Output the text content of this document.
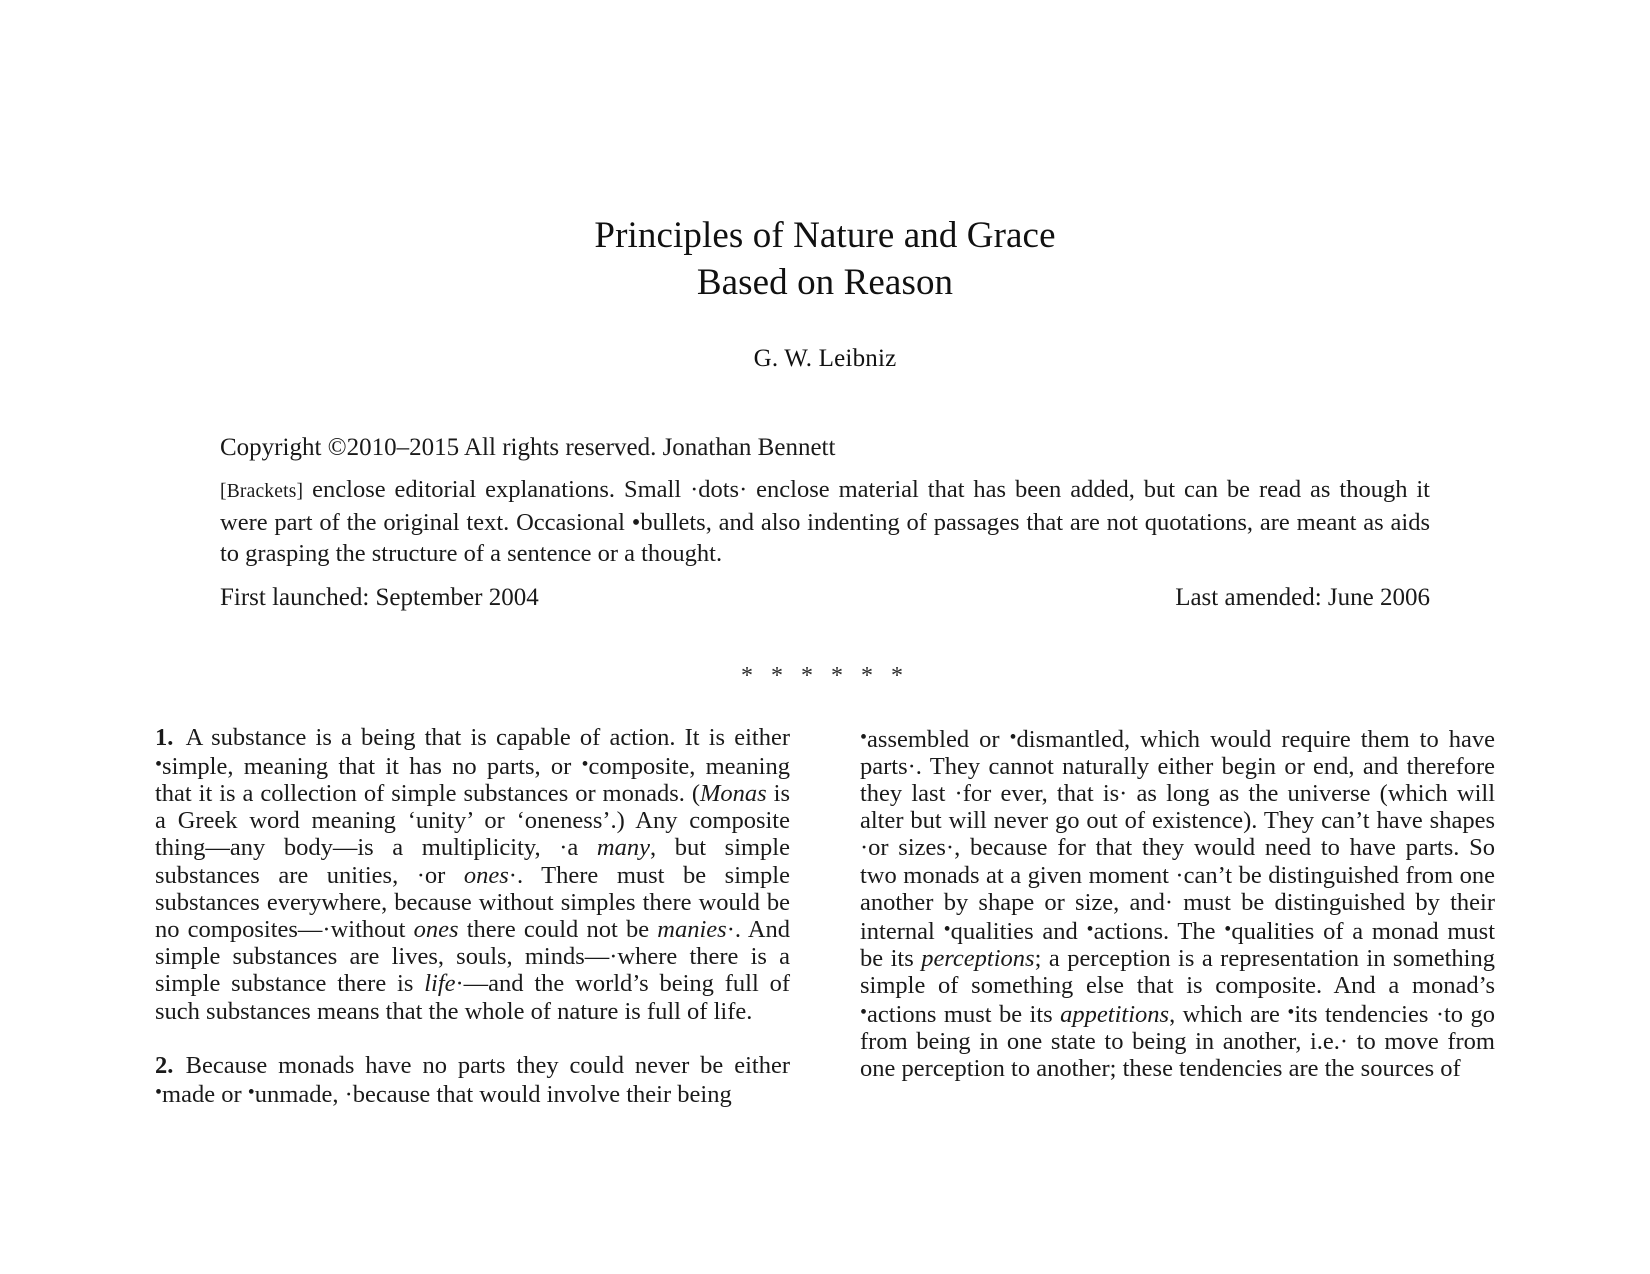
Principles of Nature and Grace
Based on Reason
G. W. Leibniz
Copyright ©2010–2015 All rights reserved. Jonathan Bennett
[Brackets] enclose editorial explanations. Small ·dots· enclose material that has been added, but can be read as though it were part of the original text. Occasional •bullets, and also indenting of passages that are not quotations, are meant as aids to grasping the structure of a sentence or a thought.
First launched: September 2004	Last amended: June 2006
* * * * * *

1. A substance is a being that is capable of action. It is either •simple, meaning that it has no parts, or •composite, meaning that it is a collection of simple substances or monads. (Monas is a Greek word meaning ‘unity’ or ‘oneness’.) Any composite thing—any body—is a multiplicity, ·a many, but simple substances are unities, ·or ones·. There must be simple substances everywhere, because without simples there would be no composites—·without ones there could not be manies·. And simple substances are lives, souls, minds—·where there is a simple substance there is life·—and the world’s being full of such substances means that the whole of nature is full of life.

2. Because monads have no parts they could never be either •made or •unmade, ·because that would involve their being

•assembled or •dismantled, which would require them to have parts·. They cannot naturally either begin or end, and therefore they last ·for ever, that is· as long as the universe (which will alter but will never go out of existence). They can’t have shapes ·or sizes·, because for that they would need to have parts. So two monads at a given moment ·can’t be distinguished from one another by shape or size, and· must be distinguished by their internal •qualities and •actions. The •qualities of a monad must be its perceptions; a perception is a representation in something simple of something else that is composite. And a monad’s •actions must be its appetitions, which are •its tendencies ·to go from being in one state to being in another, i.e.· to move from one perception to another; these tendencies are the sources of
